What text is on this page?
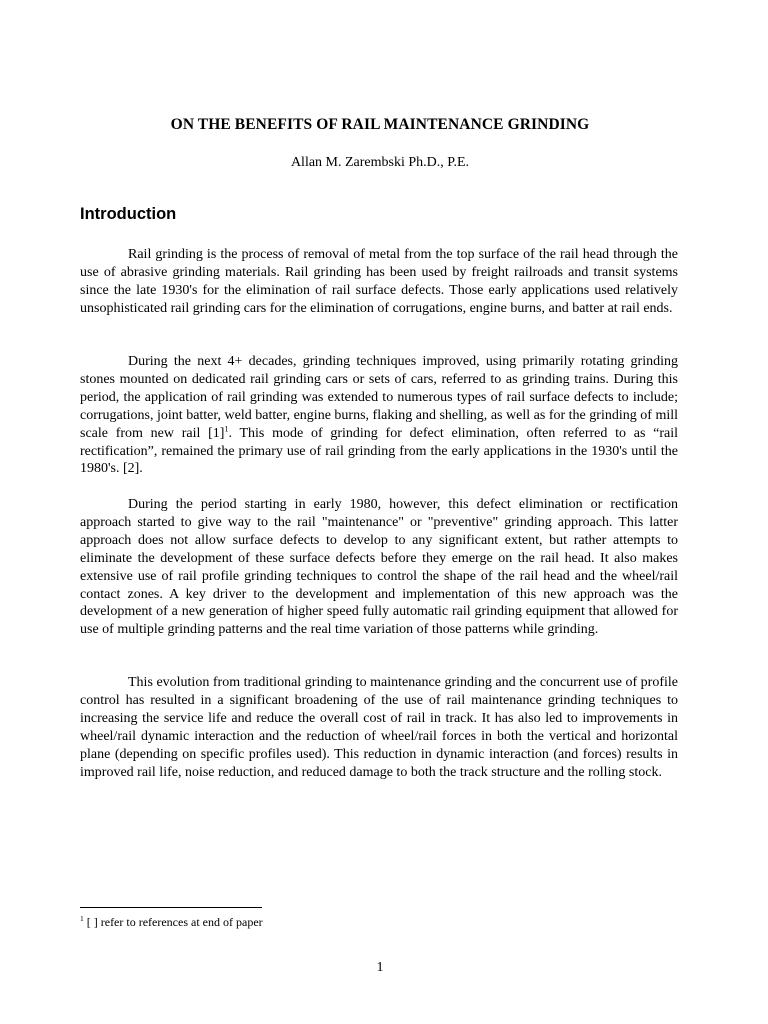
ON THE BENEFITS OF RAIL MAINTENANCE GRINDING

Allan M. Zarembski Ph.D., P.E.

Introduction

Rail grinding is the process of removal of metal from the top surface of the rail head through the use of abrasive grinding materials. Rail grinding has been used by freight railroads and transit systems since the late 1930's for the elimination of rail surface defects. Those early applications used relatively unsophisticated rail grinding cars for the elimination of corrugations, engine burns, and batter at rail ends.

During the next 4+ decades, grinding techniques improved, using primarily rotating grinding stones mounted on dedicated rail grinding cars or sets of cars, referred to as grinding trains. During this period, the application of rail grinding was extended to numerous types of rail surface defects to include; corrugations, joint batter, weld batter, engine burns, flaking and shelling, as well as for the grinding of mill scale from new rail $[1]^1$. This mode of grinding for defect elimination, often referred to as “rail rectification”, remained the primary use of rail grinding from the early applications in the 1930's until the 1980's. [2].

During the period starting in early 1980, however, this defect elimination or rectification approach started to give way to the rail "maintenance" or "preventive" grinding approach. This latter approach does not allow surface defects to develop to any significant extent, but rather attempts to eliminate the development of these surface defects before they emerge on the rail head. It also makes extensive use of rail profile grinding techniques to control the shape of the rail head and the wheel/rail contact zones. A key driver to the development and implementation of this new approach was the development of a new generation of higher speed fully automatic rail grinding equipment that allowed for use of multiple grinding patterns and the real time variation of those patterns while grinding.

This evolution from traditional grinding to maintenance grinding and the concurrent use of profile control has resulted in a significant broadening of the use of rail maintenance grinding techniques to increasing the service life and reduce the overall cost of rail in track. It has also led to improvements in wheel/rail dynamic interaction and the reduction of wheel/rail forces in both the vertical and horizontal plane (depending on specific profiles used). This reduction in dynamic interaction (and forces) results in improved rail life, noise reduction, and reduced damage to both the track structure and the rolling stock.

$^1$ [ ] refer to references at end of paper

1
